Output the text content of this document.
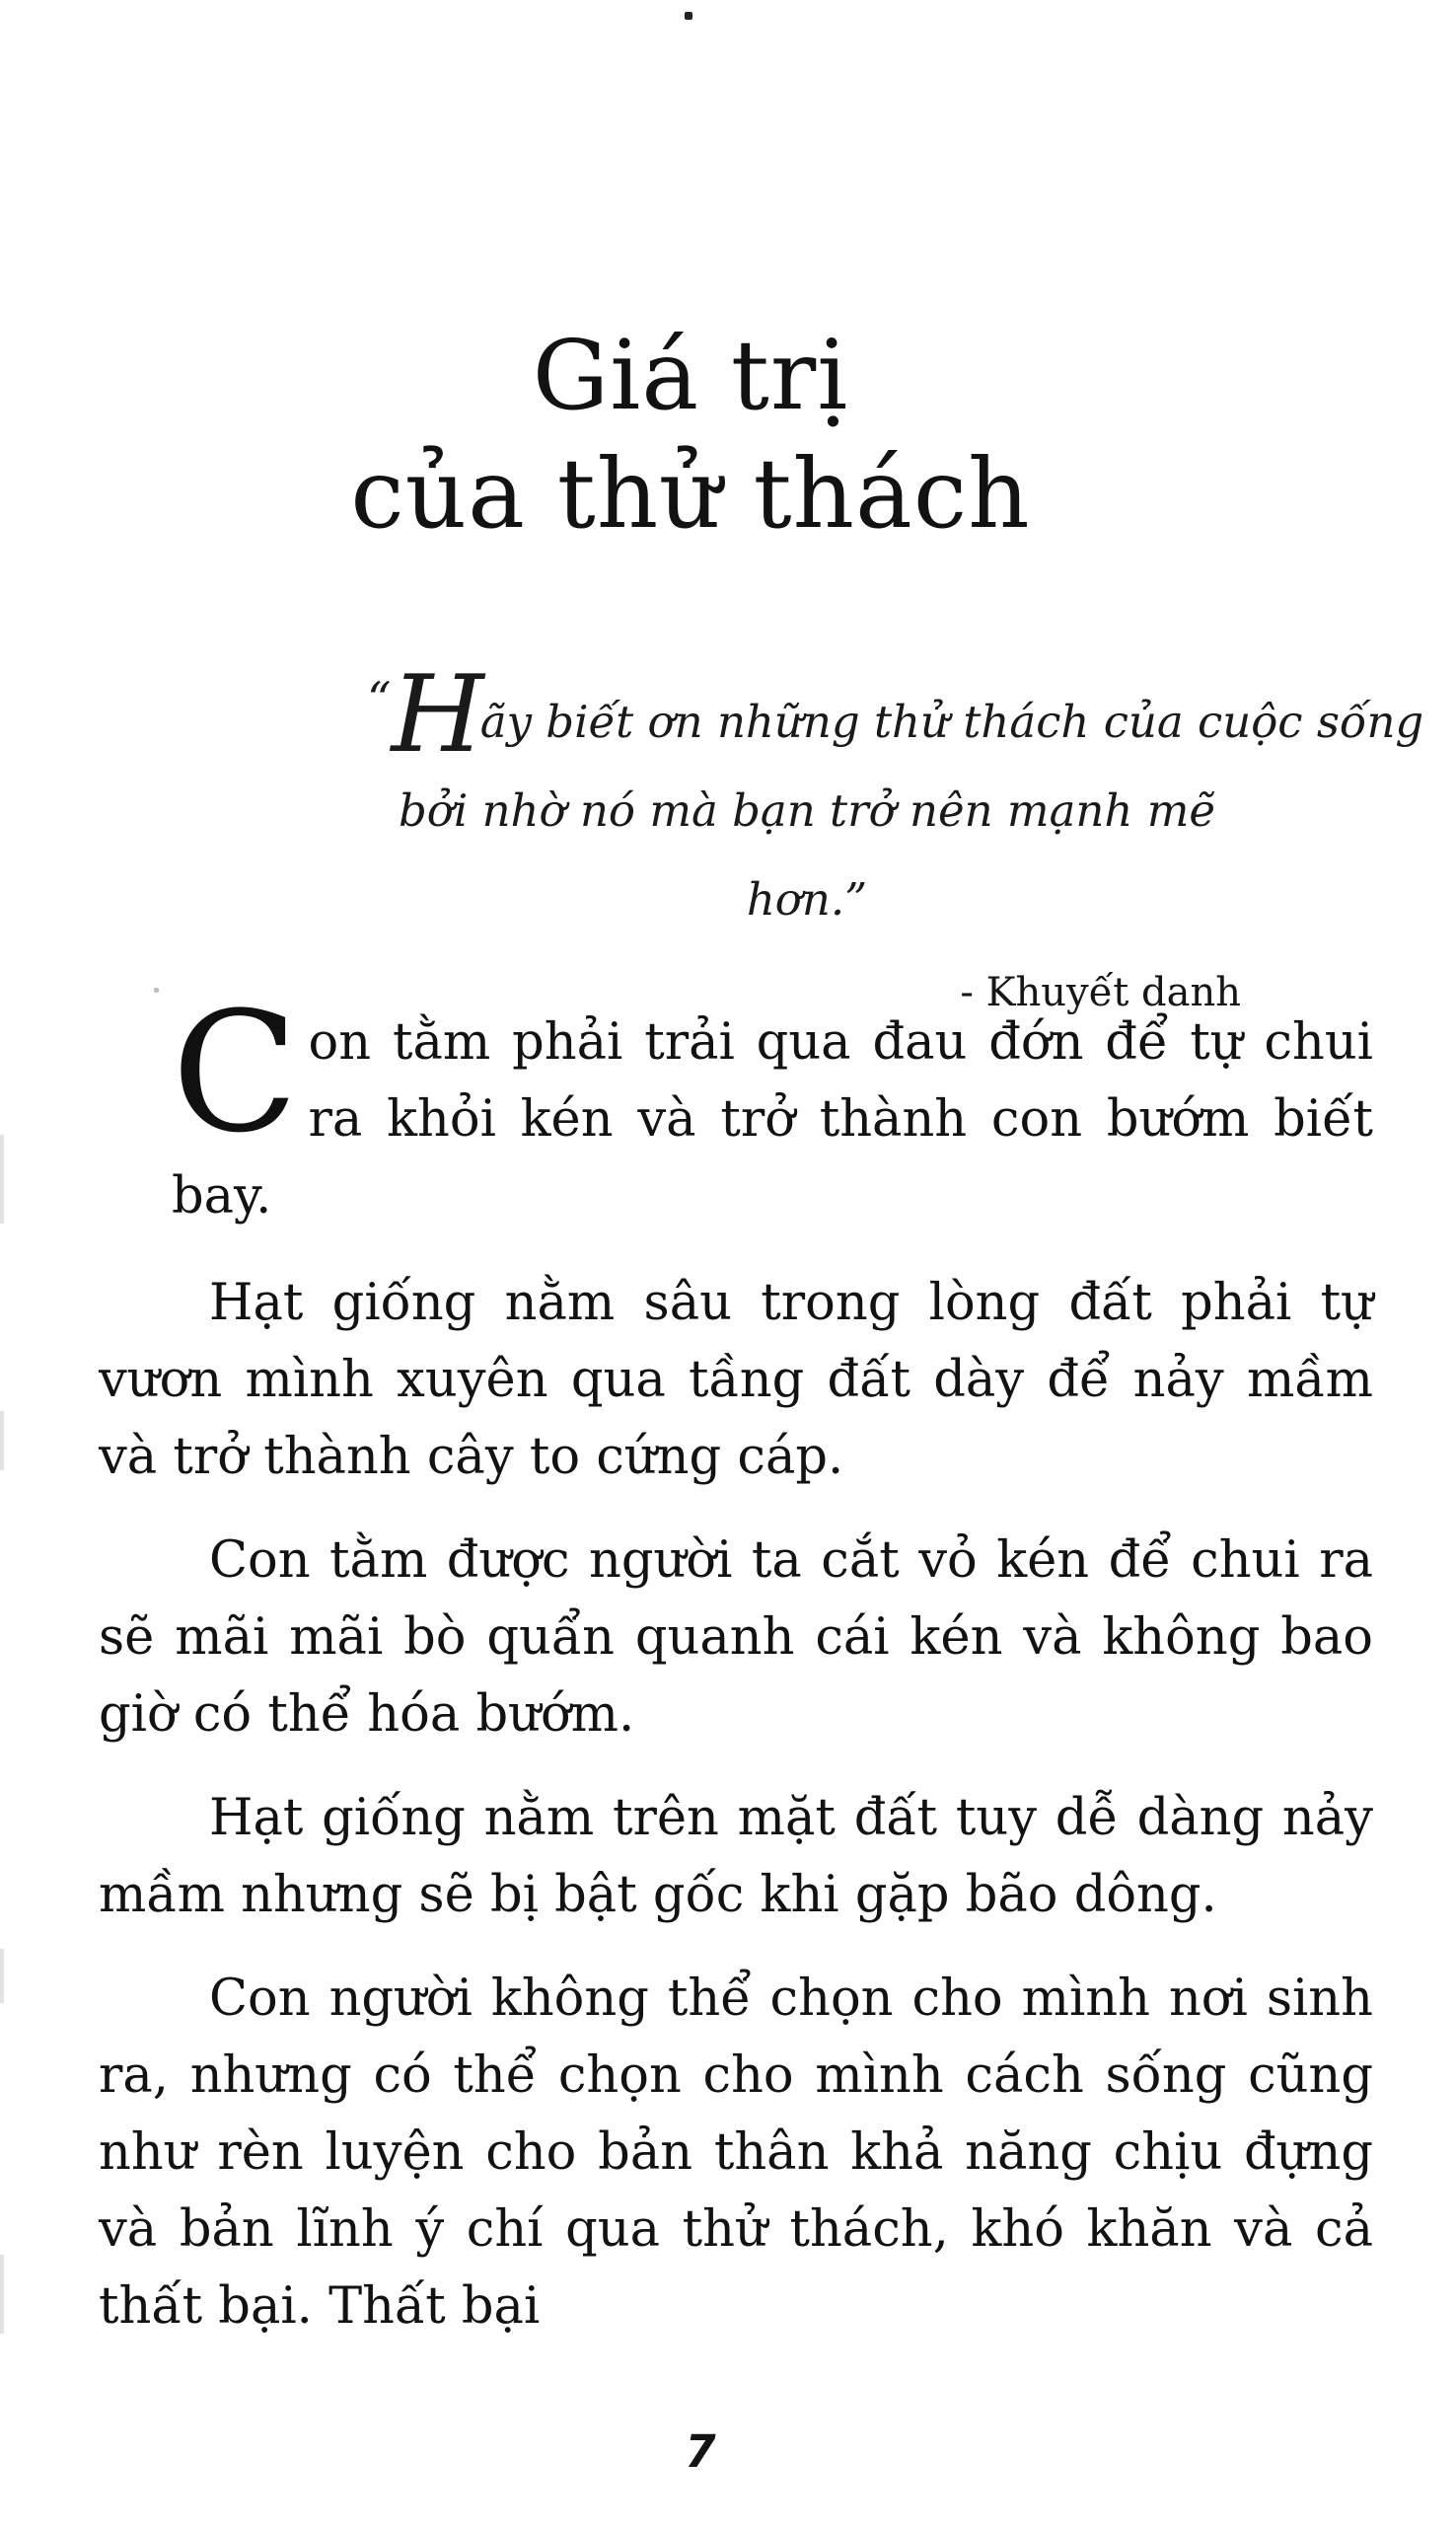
Giá trị
của thử thách
“Hãy biết ơn những thử thách của cuộc sống
bởi nhờ nó mà bạn trở nên mạnh mẽ hơn.”
- Khuyết danh

Con tằm phải trải qua đau đớn để tự chui ra khỏi kén và trở thành con bướm biết bay.

Hạt giống nằm sâu trong lòng đất phải tự vươn mình xuyên qua tầng đất dày để nảy mầm và trở thành cây to cứng cáp.

Con tằm được người ta cắt vỏ kén để chui ra sẽ mãi mãi bò quẩn quanh cái kén và không bao giờ có thể hóa bướm.

Hạt giống nằm trên mặt đất tuy dễ dàng nảy mầm nhưng sẽ bị bật gốc khi gặp bão dông.

Con người không thể chọn cho mình nơi sinh ra, nhưng có thể chọn cho mình cách sống cũng như rèn luyện cho bản thân khả năng chịu đựng và bản lĩnh ý chí qua thử thách, khó khăn và cả thất bại. Thất bại

7
